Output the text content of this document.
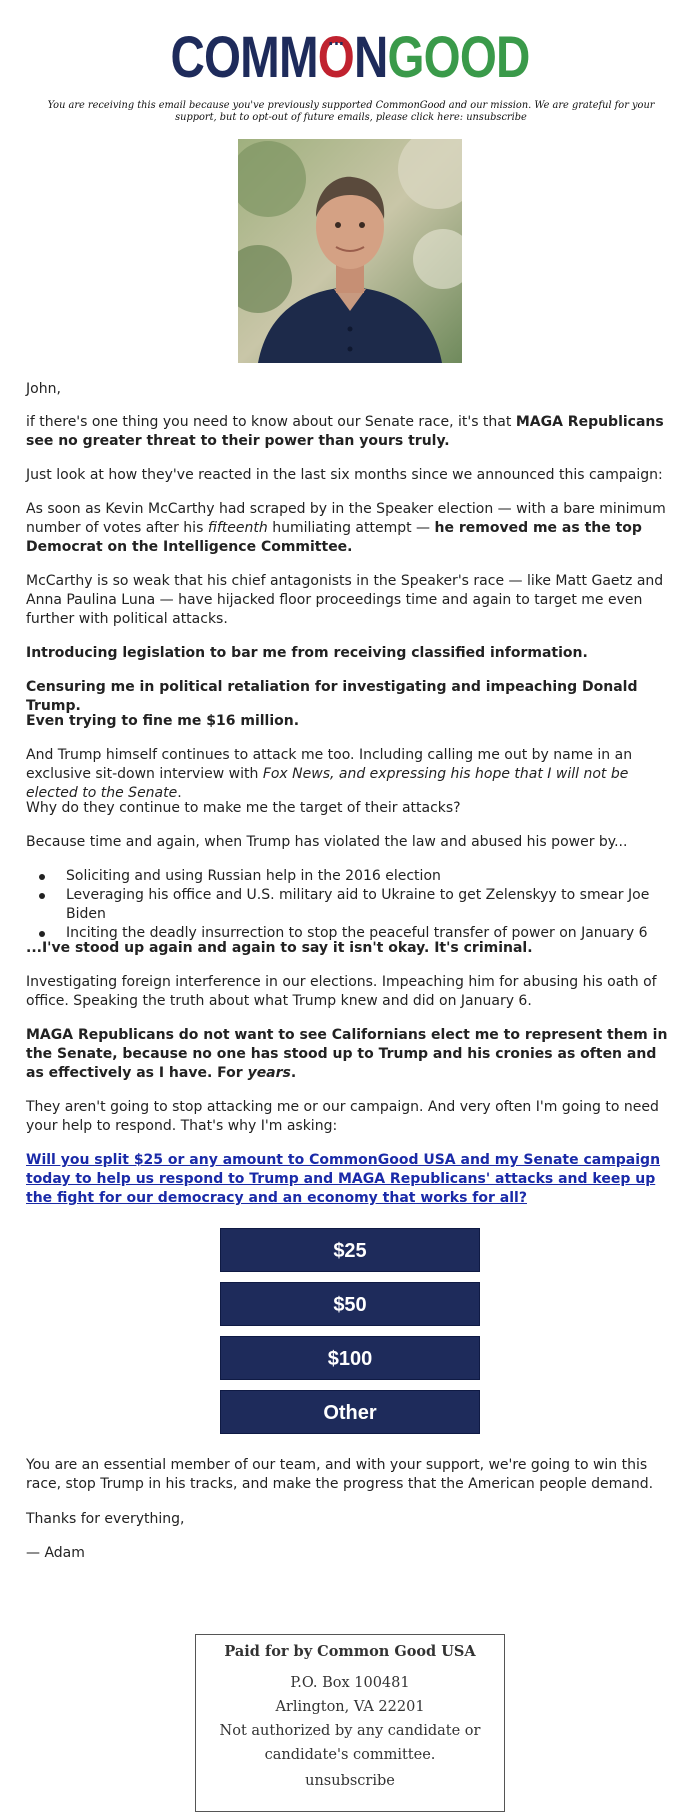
COMMONGOOD
You are receiving this email because you've previously supported CommonGood and our mission. We are grateful for your support, but to opt-out of future emails, please click here: unsubscribe
John,
if there's one thing you need to know about our Senate race, it's that MAGA Republicans see no greater threat to their power than yours truly.
Just look at how they've reacted in the last six months since we announced this campaign:
As soon as Kevin McCarthy had scraped by in the Speaker election — with a bare minimum number of votes after his fifteenth humiliating attempt — he removed me as the top Democrat on the Intelligence Committee.
McCarthy is so weak that his chief antagonists in the Speaker's race — like Matt Gaetz and Anna Paulina Luna — have hijacked floor proceedings time and again to target me even further with political attacks.
Introducing legislation to bar me from receiving classified information.
Censuring me in political retaliation for investigating and impeaching Donald Trump.
Even trying to fine me $16 million.
And Trump himself continues to attack me too. Including calling me out by name in an exclusive sit-down interview with Fox News, and expressing his hope that I will not be elected to the Senate.
Why do they continue to make me the target of their attacks?
Because time and again, when Trump has violated the law and abused his power by...
Soliciting and using Russian help in the 2016 election
Leveraging his office and U.S. military aid to Ukraine to get Zelenskyy to smear Joe Biden
Inciting the deadly insurrection to stop the peaceful transfer of power on January 6
...I've stood up again and again to say it isn't okay. It's criminal.
Investigating foreign interference in our elections. Impeaching him for abusing his oath of office. Speaking the truth about what Trump knew and did on January 6.
MAGA Republicans do not want to see Californians elect me to represent them in the Senate, because no one has stood up to Trump and his cronies as often and as effectively as I have. For years.
They aren't going to stop attacking me or our campaign. And very often I'm going to need your help to respond. That's why I'm asking:
Will you split $25 or any amount to CommonGood USA and my Senate campaign today to help us respond to Trump and MAGA Republicans' attacks and keep up the fight for our democracy and an economy that works for all?
$25
$50
$100
Other
You are an essential member of our team, and with your support, we're going to win this race, stop Trump in his tracks, and make the progress that the American people demand.
Thanks for everything,
— Adam
Paid for by Common Good USA
P.O. Box 100481
Arlington, VA 22201
Not authorized by any candidate or
candidate's committee.
unsubscribe
